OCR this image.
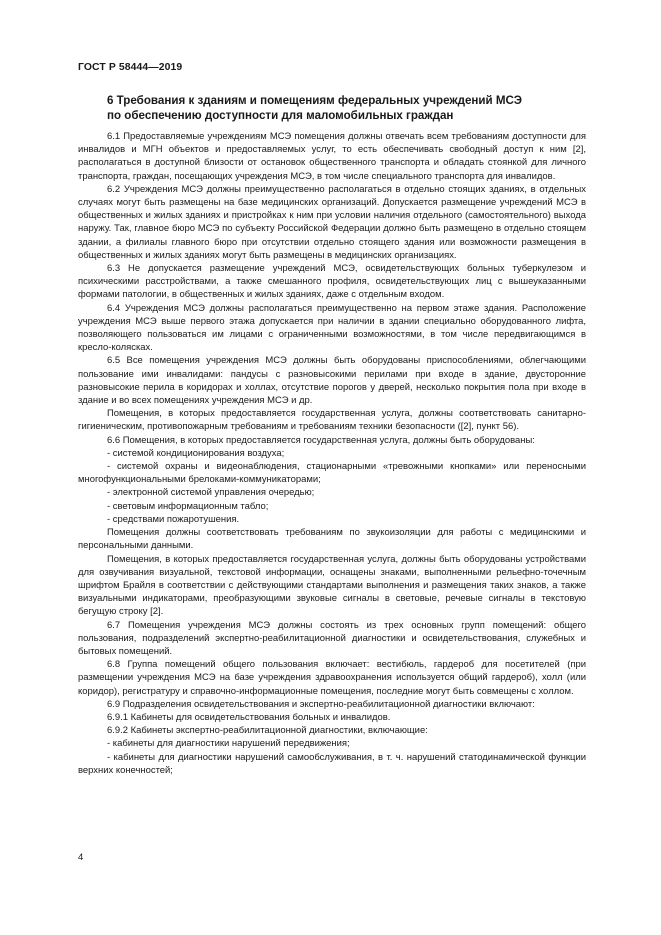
ГОСТ Р 58444—2019
6 Требования к зданиям и помещениям федеральных учреждений МСЭ
по обеспечению доступности для маломобильных граждан

6.1 Предоставляемые учреждениям МСЭ помещения должны отвечать всем требованиям доступности для инвалидов и МГН объектов и предоставляемых услуг, то есть обеспечивать свободный доступ к ним [2], располагаться в доступной близости от остановок общественного транспорта и обладать стоянкой для личного транспорта, граждан, посещающих учреждения МСЭ, в том числе специального транспорта для инвалидов.

6.2 Учреждения МСЭ должны преимущественно располагаться в отдельно стоящих зданиях, в отдельных случаях могут быть размещены на базе медицинских организаций. Допускается размещение учреждений МСЭ в общественных и жилых зданиях и пристройках к ним при условии наличия отдельного (самостоятельного) выхода наружу. Так, главное бюро МСЭ по субъекту Российской Федерации должно быть размещено в отдельно стоящем здании, а филиалы главного бюро при отсутствии отдельно стоящего здания или возможности размещения в общественных и жилых зданиях могут быть размещены в медицинских организациях.

6.3 Не допускается размещение учреждений МСЭ, освидетельствующих больных туберкулезом и психическими расстройствами, а также смешанного профиля, освидетельствующих лиц с вышеуказанными формами патологии, в общественных и жилых зданиях, даже с отдельным входом.

6.4 Учреждения МСЭ должны располагаться преимущественно на первом этаже здания. Расположение учреждения МСЭ выше первого этажа допускается при наличии в здании специально оборудованного лифта, позволяющего пользоваться им лицами с ограниченными возможностями, в том числе передвигающимся в кресло-колясках.

6.5 Все помещения учреждения МСЭ должны быть оборудованы приспособлениями, облегчающими пользование ими инвалидами: пандусы с разновысокими перилами при входе в здание, двусторонние разновысокие перила в коридорах и холлах, отсутствие порогов у дверей, несколько покрытия пола при входе в здание и во всех помещениях учреждения МСЭ и др.

Помещения, в которых предоставляется государственная услуга, должны соответствовать санитарно-гигиеническим, противопожарным требованиям и требованиям техники безопасности ([2], пункт 56).

6.6 Помещения, в которых предоставляется государственная услуга, должны быть оборудованы:

- системой кондиционирования воздуха;

- системой охраны и видеонаблюдения, стационарными «тревожными кнопками» или переносными многофункциональными брелоками-коммуникаторами;

- электронной системой управления очередью;

- световым информационным табло;

- средствами пожаротушения.

Помещения должны соответствовать требованиям по звукоизоляции для работы с медицинскими и персональными данными.

Помещения, в которых предоставляется государственная услуга, должны быть оборудованы устройствами для озвучивания визуальной, текстовой информации, оснащены знаками, выполненными рельефно-точечным шрифтом Брайля в соответствии с действующими стандартами выполнения и размещения таких знаков, а также визуальными индикаторами, преобразующими звуковые сигналы в световые, речевые сигналы в текстовую бегущую строку [2].

6.7 Помещения учреждения МСЭ должны состоять из трех основных групп помещений: общего пользования, подразделений экспертно-реабилитационной диагностики и освидетельствования, служебных и бытовых помещений.

6.8 Группа помещений общего пользования включает: вестибюль, гардероб для посетителей (при размещении учреждения МСЭ на базе учреждения здравоохранения используется общий гардероб), холл (или коридор), регистратуру и справочно-информационные помещения, последние могут быть совмещены с холлом.

6.9 Подразделения освидетельствования и экспертно-реабилитационной диагностики включают:

6.9.1 Кабинеты для освидетельствования больных и инвалидов.

6.9.2 Кабинеты экспертно-реабилитационной диагностики, включающие:

- кабинеты для диагностики нарушений передвижения;

- кабинеты для диагностики нарушений самообслуживания, в т. ч. нарушений статодинамической функции верхних конечностей;

4
